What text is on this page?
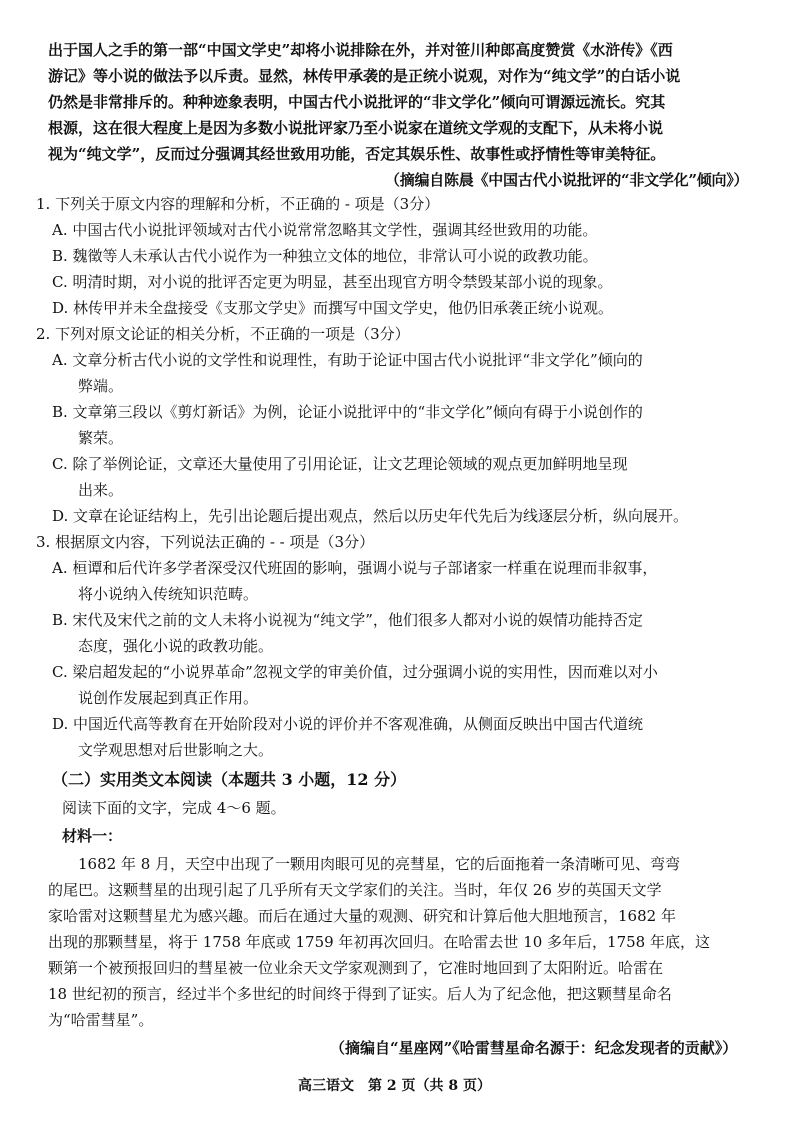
出于国人之手的第一部“中国文学史”却将小说排除在外，并对笹川种郎高度赞赏《水浒传》《西
游记》等小说的做法予以斥责。显然，林传甲承袭的是正统小说观，对作为“纯文学”的白话小说
仍然是非常排斥的。种种迹象表明，中国古代小说批评的“非文学化”倾向可谓源远流长。究其
根源，这在很大程度上是因为多数小说批评家乃至小说家在道统文学观的支配下，从未将小说
视为“纯文学”，反而过分强调其经世致用功能，否定其娱乐性、故事性或抒情性等审美特征。
（摘编自陈晨《中国古代小说批评的“非文学化”倾向》）
1. 下列关于原文内容的理解和分析，不正确的 - 项是（3分）
A. 中国古代小说批评领域对古代小说常常忽略其文学性，强调其经世致用的功能。
B. 魏徵等人未承认古代小说作为一种独立文体的地位，非常认可小说的政教功能。
C. 明清时期，对小说的批评否定更为明显，甚至出现官方明令禁毁某部小说的现象。
D. 林传甲并未全盘接受《支那文学史》而撰写中国文学史，他仍旧承袭正统小说观。
2. 下列对原文论证的相关分析，不正确的一项是（3分）
A. 文章分析古代小说的文学性和说理性，有助于论证中国古代小说批评“非文学化”倾向的
弊端。
B. 文章第三段以《剪灯新话》为例，论证小说批评中的“非文学化”倾向有碍于小说创作的
繁荣。
C. 除了举例论证，文章还大量使用了引用论证，让文艺理论领域的观点更加鲜明地呈现
出来。
D. 文章在论证结构上，先引出论题后提出观点，然后以历史年代先后为线逐层分析，纵向展开。
3. 根据原文内容，下列说法正确的 - - 项是（3分）
A. 桓谭和后代许多学者深受汉代班固的影响，强调小说与子部诸家一样重在说理而非叙事，
将小说纳入传统知识范畴。
B. 宋代及宋代之前的文人未将小说视为“纯文学”，他们很多人都对小说的娱情功能持否定
态度，强化小说的政教功能。
C. 梁启超发起的“小说界革命”忽视文学的审美价值，过分强调小说的实用性，因而难以对小
说创作发展起到真正作用。
D. 中国近代高等教育在开始阶段对小说的评价并不客观准确，从侧面反映出中国古代道统
文学观思想对后世影响之大。
（二）实用类文本阅读（本题共 3 小题，12 分）
阅读下面的文字，完成 4～6 题。
材料一：
1682 年 8 月，天空中出现了一颗用肉眼可见的亮彗星，它的后面拖着一条清晰可见、弯弯
的尾巴。这颗彗星的出现引起了几乎所有天文学家们的关注。当时，年仅 26 岁的英国天文学
家哈雷对这颗彗星尤为感兴趣。而后在通过大量的观测、研究和计算后他大胆地预言，1682 年
出现的那颗彗星，将于 1758 年底或 1759 年初再次回归。在哈雷去世 10 多年后，1758 年底，这
颗第一个被预报回归的彗星被一位业余天文学家观测到了，它准时地回到了太阳附近。哈雷在
18 世纪初的预言，经过半个多世纪的时间终于得到了证实。后人为了纪念他，把这颗彗星命名
为“哈雷彗星”。
（摘编自“星座网”《哈雷彗星命名源于：纪念发现者的贡献》）
高三语文　第 2 页（共 8 页）
